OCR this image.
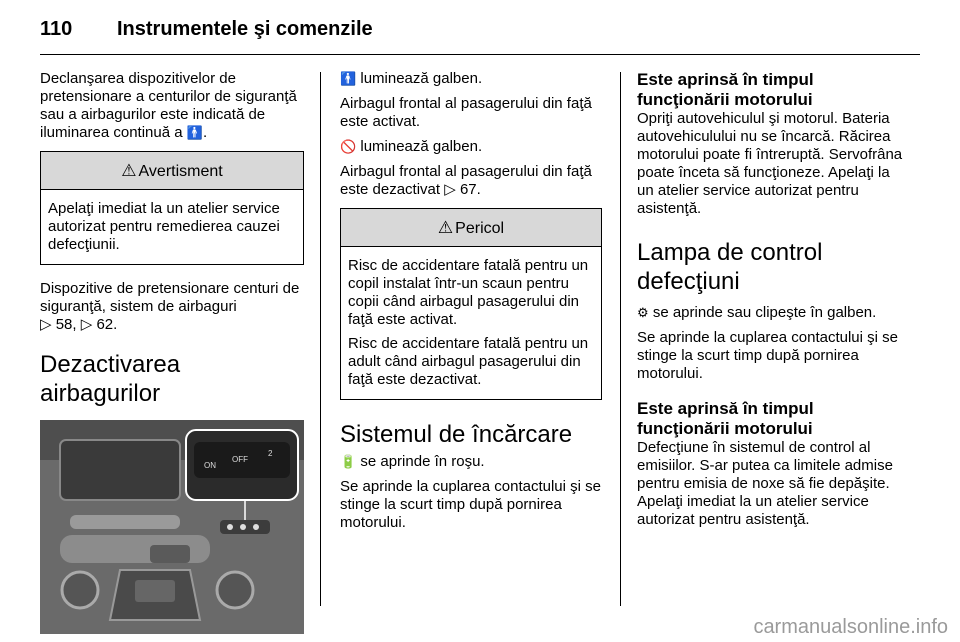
110 Instrumentele şi comenzile

Declanşarea dispozitivelor de pretensionare a centurilor de siguranţă sau a airbagurilor este indicată de iluminarea continuă a 🚹.

⚠ Avertisment

Apelaţi imediat la un atelier service autorizat pentru remedierea cauzei defecţiunii.

Dispozitive de pretensionare centuri de siguranţă, sistem de airbaguri
▷ 58, ▷ 62.

Dezactivarea airbagurilor
ON
OFF
2

🚹 luminează galben.

Airbagul frontal al pasagerului din faţă este activat.

🚫 luminează galben.

Airbagul frontal al pasagerului din faţă este dezactivat ▷ 67.

⚠ Pericol

Risc de accidentare fatală pentru un copil instalat într-un scaun pentru copii când airbagul pasagerului din faţă este activat.

Risc de accidentare fatală pentru un adult când airbagul pasagerului din faţă este dezactivat.

Sistemul de încărcare

🔋 se aprinde în roşu.

Se aprinde la cuplarea contactului şi se stinge la scurt timp după pornirea motorului.

Este aprinsă în timpul funcţionării motorului

Opriţi autovehiculul şi motorul. Bateria autovehiculului nu se încarcă. Răcirea motorului poate fi întreruptă. Servofrâna poate înceta să funcţioneze. Apelaţi la un atelier service autorizat pentru asistenţă.

Lampa de control defecţiuni

⚙ se aprinde sau clipeşte în galben.

Se aprinde la cuplarea contactului şi se stinge la scurt timp după pornirea motorului.

Este aprinsă în timpul funcţionării motorului

Defecţiune în sistemul de control al emisiilor. S-ar putea ca limitele admise pentru emisia de noxe să fie depăşite. Apelaţi imediat la un atelier service autorizat pentru asistenţă.

carmanualsonline.info
